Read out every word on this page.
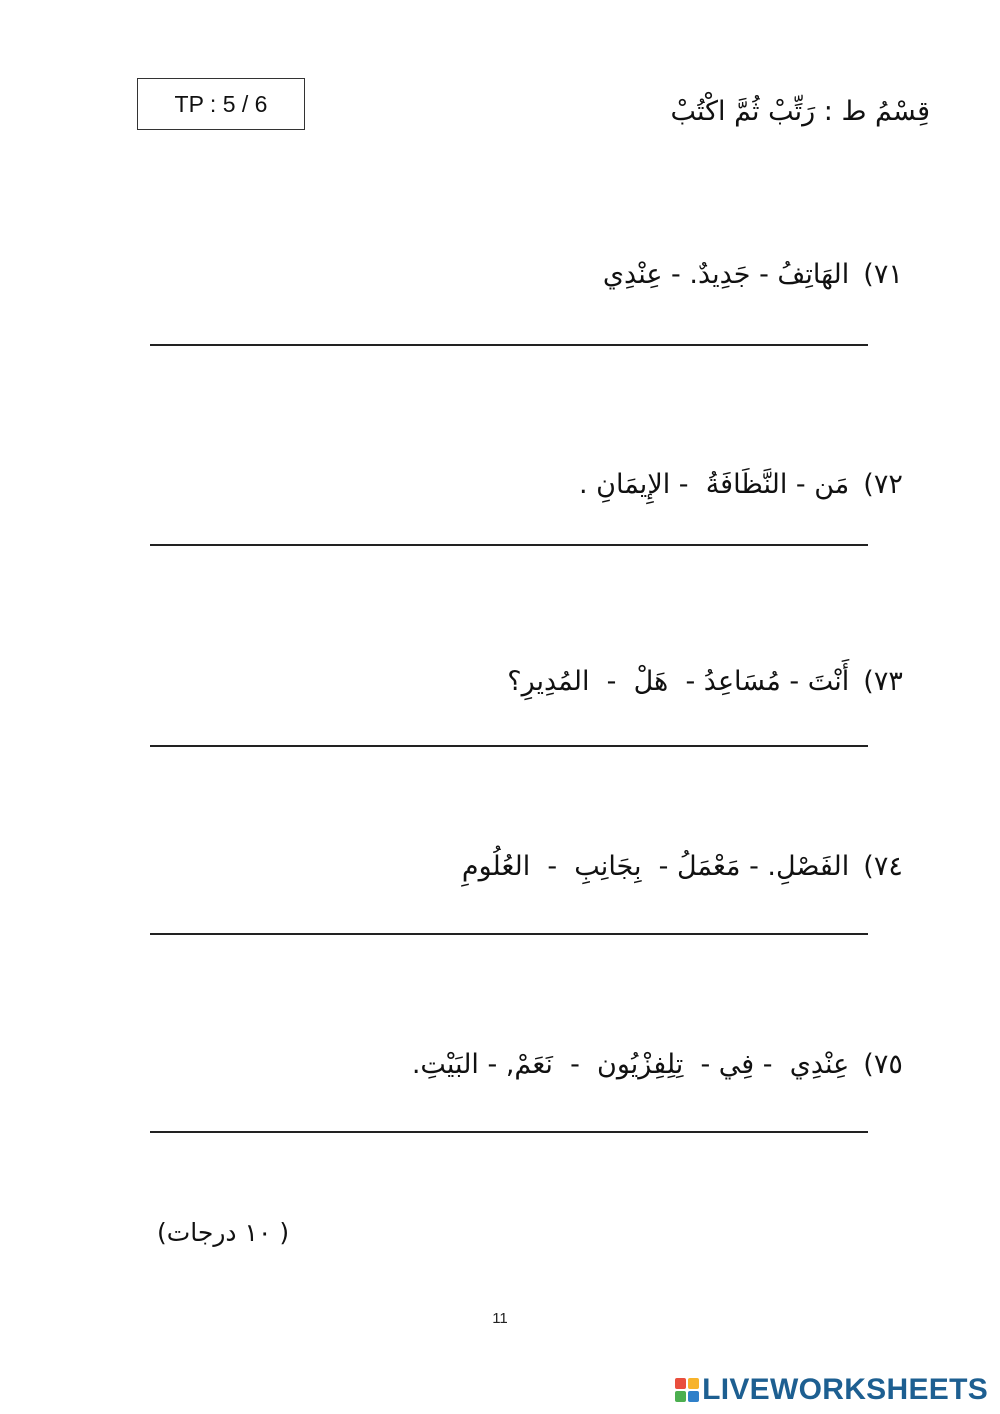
TP : 5 / 6	قِسْمُ ط : رَتِّبْ ثُمَّ اكْتُبْ

٧١)الهَاتِفُ - جَدِيدٌ. - عِنْدِي

٧٢)مَن - النَّظَافَةُ  - الإِيمَانِ .

٧٣)أَنْتَ - مُسَاعِدُ -  هَلْ  -  المُدِيرِ؟

٧٤)الفَصْلِ. - مَعْمَلُ -  بِجَانِبِ  -  العُلُومِ

٧٥)عِنْدِي  - فِي -  تِلِفِزْيُون  -  نَعَمْ, - البَيْتِ.

( ١٠ درجات)
11
LIVEWORKSHEETS
